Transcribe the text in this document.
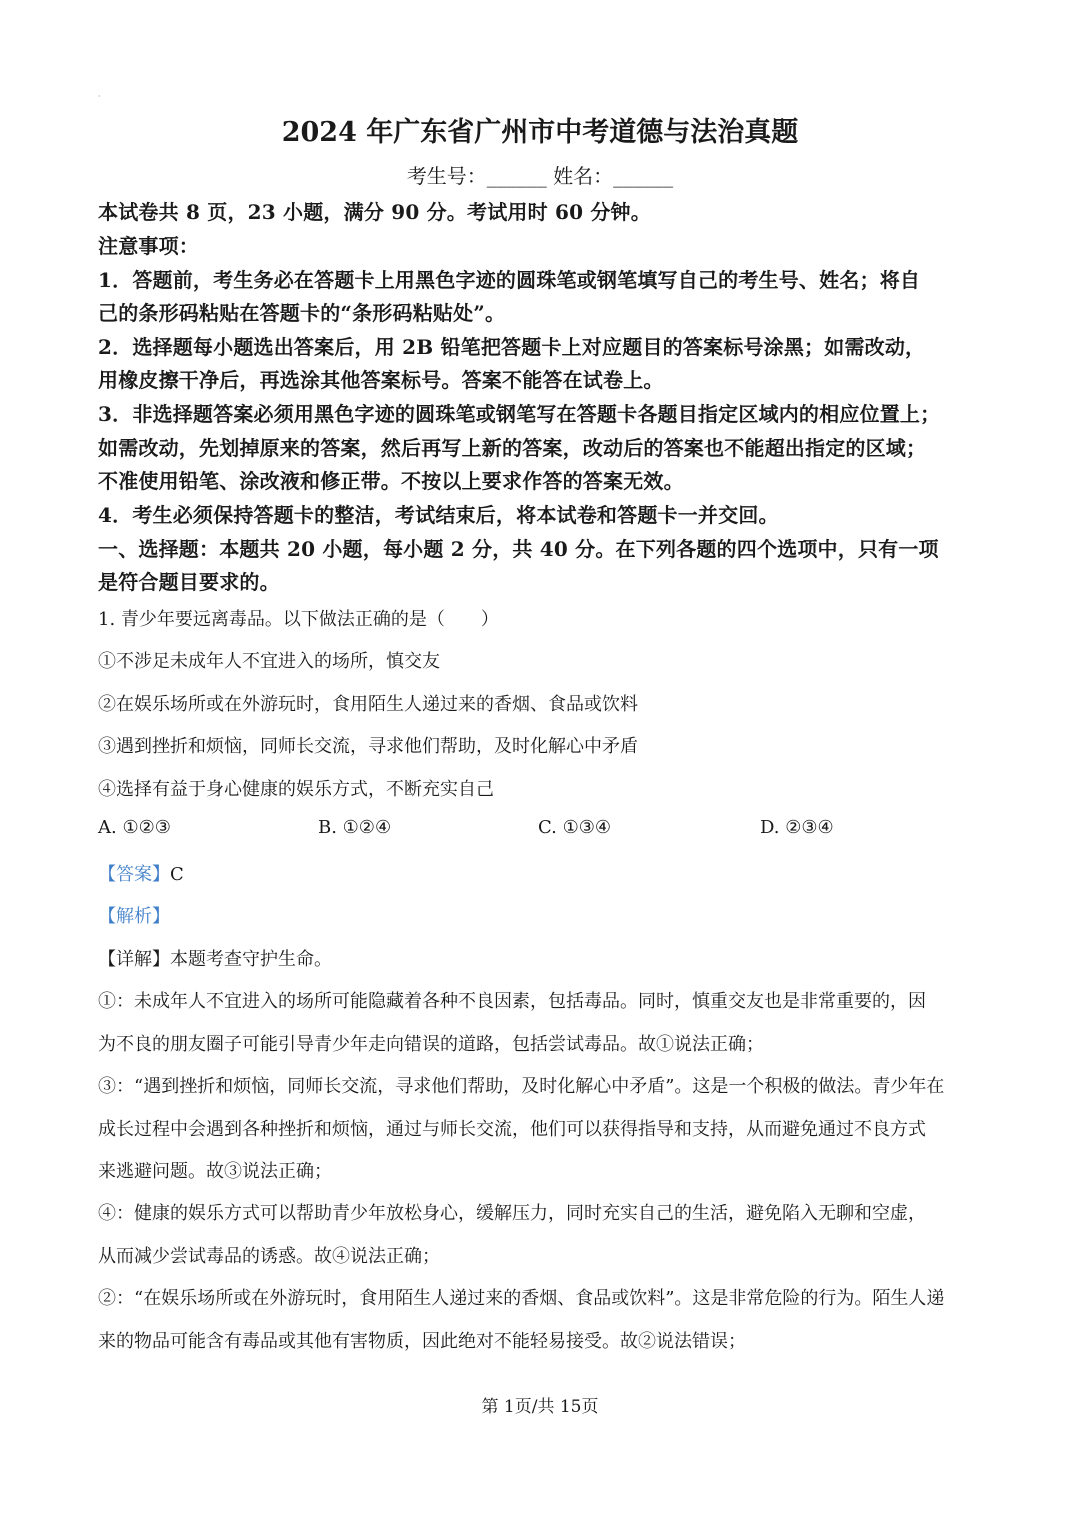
·
2024 年广东省广州市中考道德与法治真题
考生号：______ 姓名：______
本试卷共 8 页，23 小题，满分 90 分。考试用时 60 分钟。
注意事项：
1．答题前，考生务必在答题卡上用黑色字迹的圆珠笔或钢笔填写自己的考生号、姓名；将自
己的条形码粘贴在答题卡的“条形码粘贴处”。
2．选择题每小题选出答案后，用 2B 铅笔把答题卡上对应题目的答案标号涂黑；如需改动，
用橡皮擦干净后，再选涂其他答案标号。答案不能答在试卷上。
3．非选择题答案必须用黑色字迹的圆珠笔或钢笔写在答题卡各题目指定区域内的相应位置上；
如需改动，先划掉原来的答案，然后再写上新的答案，改动后的答案也不能超出指定的区域；
不准使用铅笔、涂改液和修正带。不按以上要求作答的答案无效。
4．考生必须保持答题卡的整洁，考试结束后，将本试卷和答题卡一并交回。
一、选择题：本题共 20 小题，每小题 2 分，共 40 分。在下列各题的四个选项中，只有一项
是符合题目要求的。
1. 青少年要远离毒品。以下做法正确的是（　　）
①不涉足未成年人不宜进入的场所，慎交友
②在娱乐场所或在外游玩时，食用陌生人递过来的香烟、食品或饮料
③遇到挫折和烦恼，同师长交流，寻求他们帮助，及时化解心中矛盾
④选择有益于身心健康的娱乐方式，不断充实自己
A. ①②③	B. ①②④	C. ①③④	D. ②③④
【答案】C
【解析】
【详解】本题考查守护生命。
①：未成年人不宜进入的场所可能隐藏着各种不良因素，包括毒品。同时，慎重交友也是非常重要的，因
为不良的朋友圈子可能引导青少年走向错误的道路，包括尝试毒品。故①说法正确；
③：“遇到挫折和烦恼，同师长交流，寻求他们帮助，及时化解心中矛盾”。这是一个积极的做法。青少年在
成长过程中会遇到各种挫折和烦恼，通过与师长交流，他们可以获得指导和支持，从而避免通过不良方式
来逃避问题。故③说法正确；
④：健康的娱乐方式可以帮助青少年放松身心，缓解压力，同时充实自己的生活，避免陷入无聊和空虚，
从而减少尝试毒品的诱惑。故④说法正确；
②：“在娱乐场所或在外游玩时，食用陌生人递过来的香烟、食品或饮料”。这是非常危险的行为。陌生人递
来的物品可能含有毒品或其他有害物质，因此绝对不能轻易接受。故②说法错误；
第 1页/共 15页
